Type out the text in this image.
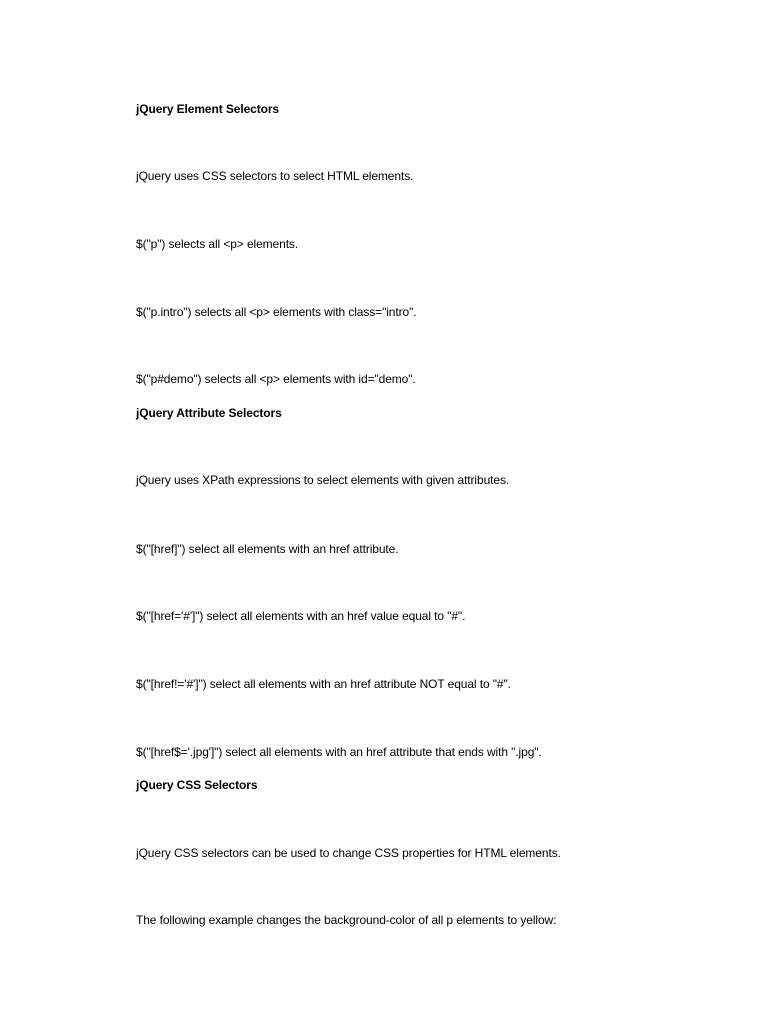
jQuery Element Selectors
jQuery uses CSS selectors to select HTML elements.
$("p") selects all <p> elements.
$("p.intro") selects all <p> elements with class="intro".
$("p#demo") selects all <p> elements with id="demo".
jQuery Attribute Selectors
jQuery uses XPath expressions to select elements with given attributes.
$("[href]") select all elements with an href attribute.
$("[href='#']") select all elements with an href value equal to "#".
$("[href!='#']") select all elements with an href attribute NOT equal to "#".
$("[href$='.jpg']") select all elements with an href attribute that ends with ".jpg".
jQuery CSS Selectors
jQuery CSS selectors can be used to change CSS properties for HTML elements.
The following example changes the background-color of all p elements to yellow:
